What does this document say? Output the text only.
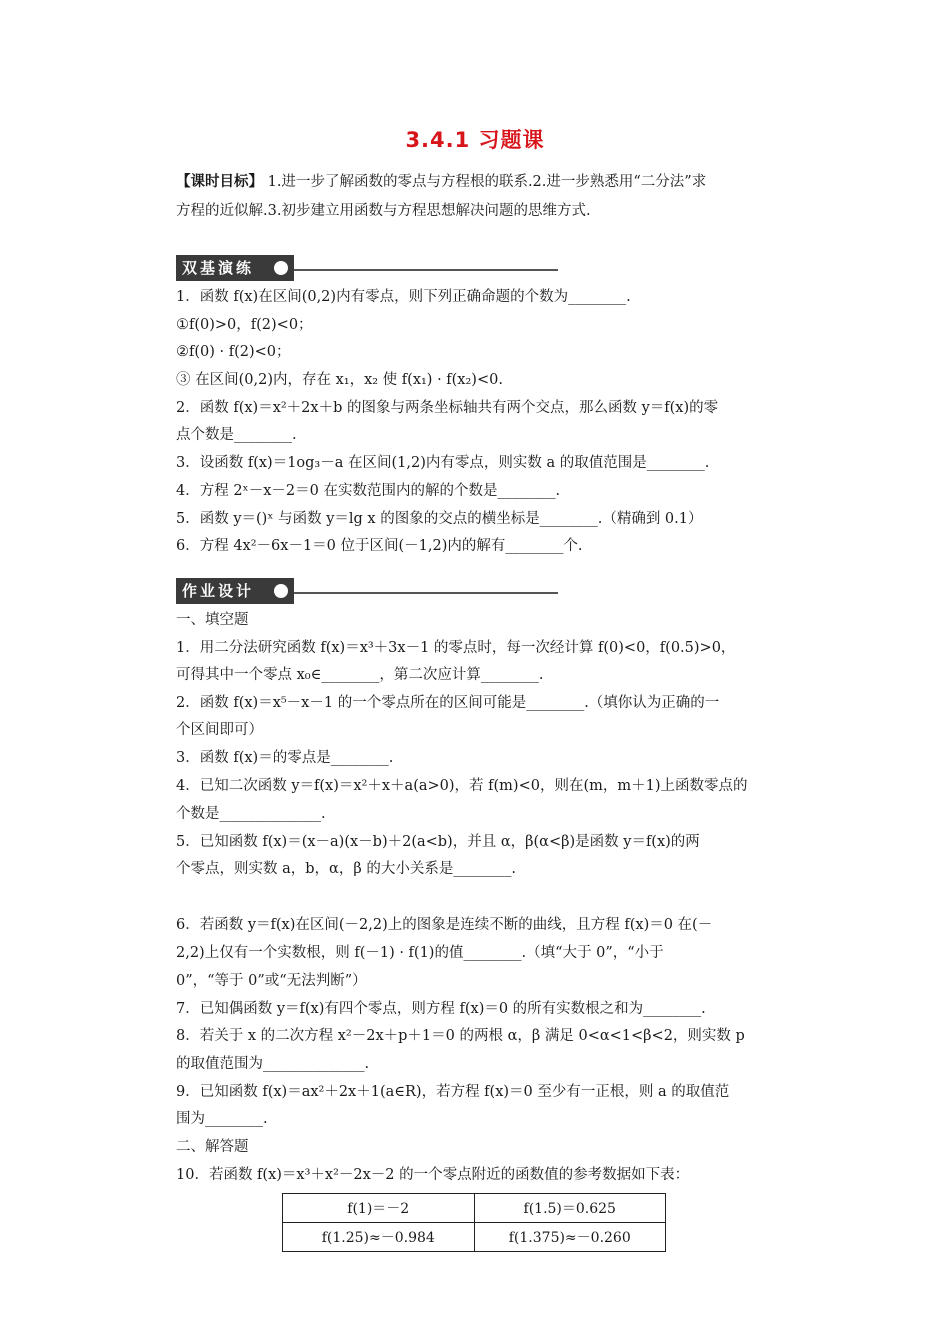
3.4.1 习题课
【课时目标】 1.进一步了解函数的零点与方程根的联系.2.进一步熟悉用“二分法”求
方程的近似解.3.初步建立用函数与方程思想解决问题的思维方式.
双基演练
1．函数 f(x)在区间(0,2)内有零点，则下列正确命题的个数为________.
①f(0)>0，f(2)<0；
②f(0) · f(2)<0；
③ 在区间(0,2)内，存在 x₁，x₂ 使 f(x₁) · f(x₂)<0.
2．函数 f(x)＝x²＋2x＋b 的图象与两条坐标轴共有两个交点，那么函数 y＝f(x)的零
点个数是________.
3．设函数 f(x)＝1og₃－a 在区间(1,2)内有零点，则实数 a 的取值范围是________.
4．方程 2ˣ－x－2＝0 在实数范围内的解的个数是________.
5．函数 y＝()ˣ 与函数 y＝lg x 的图象的交点的横坐标是________.（精确到 0.1）
6．方程 4x²－6x－1＝0 位于区间(－1,2)内的解有________个.
作业设计
一、填空题
1．用二分法研究函数 f(x)＝x³＋3x－1 的零点时，每一次经计算 f(0)<0，f(0.5)>0，
可得其中一个零点 x₀∈________，第二次应计算________.
2．函数 f(x)＝x⁵－x－1 的一个零点所在的区间可能是________.（填你认为正确的一
个区间即可）
3．函数 f(x)＝的零点是________.
4．已知二次函数 y＝f(x)＝x²＋x＋a(a>0)，若 f(m)<0，则在(m，m＋1)上函数零点的
个数是______________.
5．已知函数 f(x)＝(x－a)(x－b)＋2(a<b)，并且 α，β(α<β)是函数 y＝f(x)的两
个零点，则实数 a，b，α，β 的大小关系是________.
6．若函数 y＝f(x)在区间(－2,2)上的图象是连续不断的曲线，且方程 f(x)＝0 在(－
2,2)上仅有一个实数根，则 f(－1) · f(1)的值________.（填“大于 0”，“小于
0”，“等于 0”或“无法判断”）
7．已知偶函数 y＝f(x)有四个零点，则方程 f(x)＝0 的所有实数根之和为________.
8．若关于 x 的二次方程 x²－2x＋p＋1＝0 的两根 α，β 满足 0<α<1<β<2，则实数 p
的取值范围为______________.
9．已知函数 f(x)＝ax²＋2x＋1(a∈R)，若方程 f(x)＝0 至少有一正根，则 a 的取值范
围为________.
二、解答题
10．若函数 f(x)＝x³＋x²－2x－2 的一个零点附近的函数值的参考数据如下表：
f(1)＝－2	f(1.5)＝0.625
f(1.25)≈－0.984	f(1.375)≈－0.260
